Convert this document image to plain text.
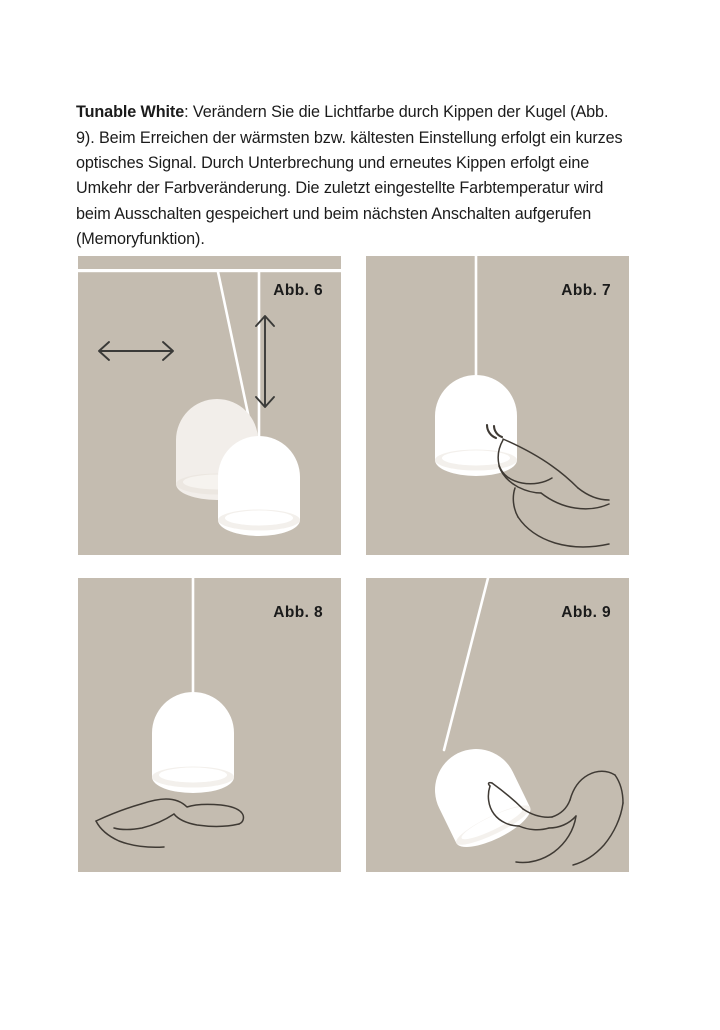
Tunable White: Verändern Sie die Lichtfarbe durch Kippen der Kugel (Abb. 9). Beim Erreichen der wärmsten bzw. kältesten Einstellung erfolgt ein kurzes optisches Signal. Durch Unterbrechung und erneutes Kippen erfolgt eine Umkehr der Farbveränderung. Die zuletzt eingestellte Farbtemperatur wird beim Ausschalten gespeichert und beim nächsten Anschalten aufgerufen (Memoryfunktion).

Abb. 6	Abb. 7
Abb. 8	Abb. 9
